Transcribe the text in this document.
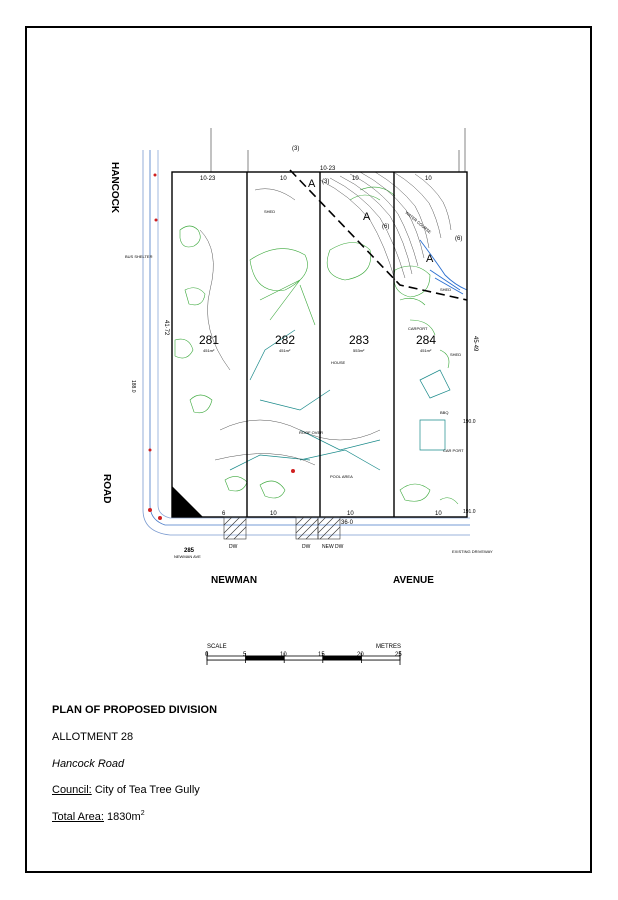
HANCOCK
ROAD
NEWMAN	AVENUE
281
451m²
282
451m²
283
553m²
284
451m²
10·23	10	10	10
10·23
(3)
6	10	10	10
36·0
41·72
45·49
A
A
A
(3)
(6)
(6)
SHED
SHED
SHED
CARPORT
HOUSE
ROOF OVER
POOL AREA
CAR PORT
BBQ
WATER COURSE
BUS SHELTER
EXISTING DRIVEWAY
DW	DW NEW DW
285
NEWMAN AVE
190.0
191.0
188.0
SCALE	METRES
0	5	10	15	20	25
PLAN OF PROPOSED DIVISION
ALLOTMENT 28
Hancock Road
Council: City of Tea Tree Gully
Total Area: $1830m^2$
